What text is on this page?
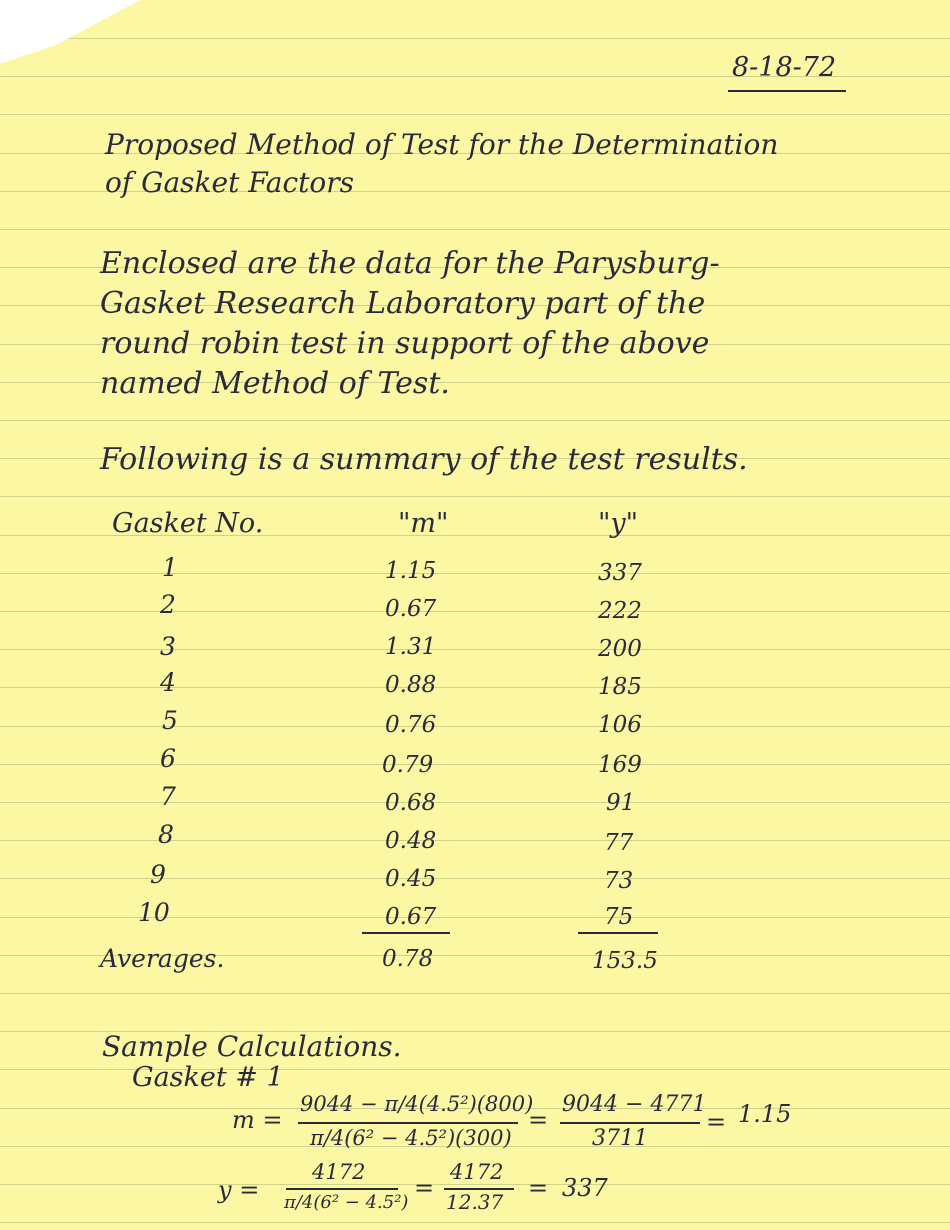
8-18-72
Proposed Method of Test for the Determination
of Gasket Factors
Enclosed are the data for the Parysburg-
Gasket Research Laboratory part of the
round robin test in support of the above
named Method of Test.
Following is a summary of the test results.
Gasket No.	"m"	"y"
1	1.15	337
2	0.67	222
3	1.31	200
4	0.88	185
5	0.76	106
6	0.79	169
7	0.68	91
8	0.48	77
9	0.45	73
10	0.67	75
Averages.	0.78	153.5
Sample Calculations.
Gasket # 1
m =
9044 − π/4(4.5²)(800)
π/4(6² − 4.5²)(300)
=
9044 − 4771
3711
= 1.15
y =
4172
π/4(6² − 4.5²)
=
4172
12.37 = 337
